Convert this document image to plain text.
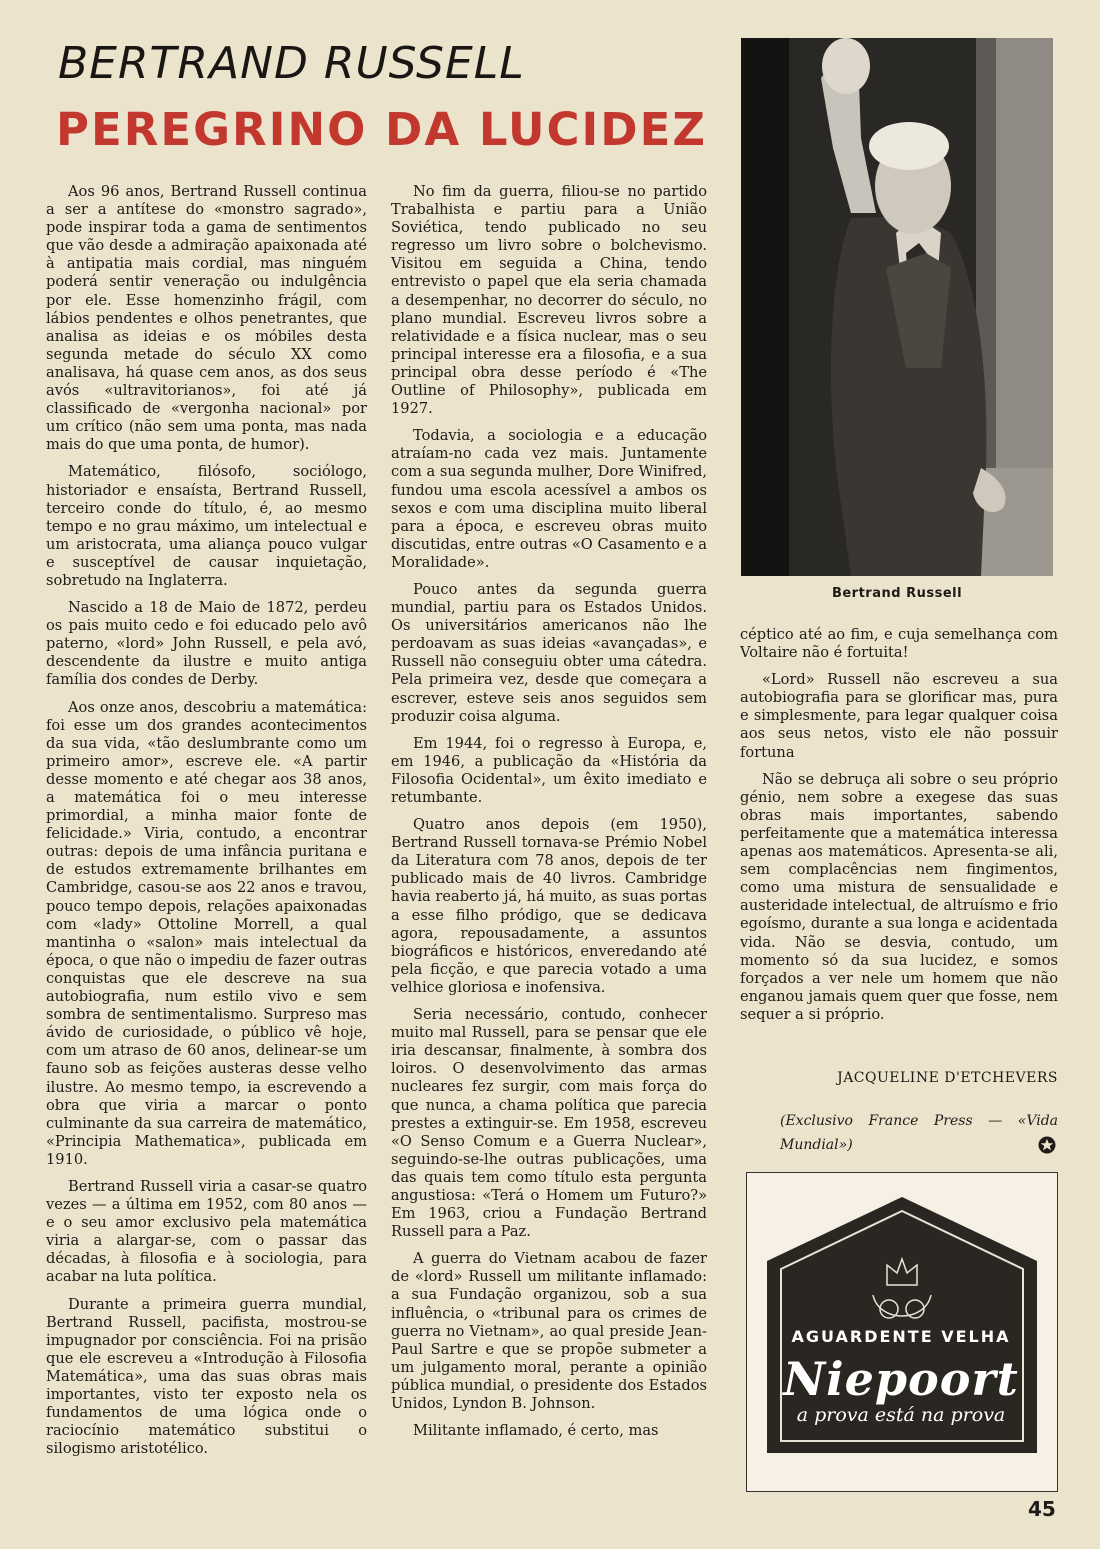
BERTRAND RUSSELL
PEREGRINO DA LUCIDEZ

Aos 96 anos, Bertrand Russell continua a ser a antítese do «monstro sagrado», pode inspirar toda a gama de sentimentos que vão desde a admiração apaixonada até à antipatia mais cordial, mas ninguém poderá sentir veneração ou indulgência por ele. Esse homenzinho frágil, com lábios pendentes e olhos penetrantes, que analisa as ideias e os móbiles desta segunda metade do século XX como analisava, há quase cem anos, as dos seus avós «ultravitorianos», foi até já classificado de «vergonha nacional» por um crítico (não sem uma ponta, mas nada mais do que uma ponta, de humor).

Matemático, filósofo, sociólogo, historiador e ensaísta, Bertrand Russell, terceiro conde do título, é, ao mesmo tempo e no grau máximo, um intelectual e um aristocrata, uma aliança pouco vulgar e susceptível de causar inquietação, sobretudo na Inglaterra.

Nascido a 18 de Maio de 1872, perdeu os pais muito cedo e foi educado pelo avô paterno, «lord» John Russell, e pela avó, descendente da ilustre e muito antiga família dos condes de Derby.

Aos onze anos, descobriu a matemática: foi esse um dos grandes acontecimentos da sua vida, «tão deslumbrante como um primeiro amor», escreve ele. «A partir desse momento e até chegar aos 38 anos, a matemática foi o meu interesse primordial, a minha maior fonte de felicidade.» Viria, contudo, a encontrar outras: depois de uma infância puritana e de estudos extremamente brilhantes em Cambridge, casou-se aos 22 anos e travou, pouco tempo depois, relações apaixonadas com «lady» Ottoline Morrell, a qual mantinha o «salon» mais intelectual da época, o que não o impediu de fazer outras conquistas que ele descreve na sua autobiografia, num estilo vivo e sem sombra de sentimentalismo. Surpreso mas ávido de curiosidade, o público vê hoje, com um atraso de 60 anos, delinear-se um fauno sob as feições austeras desse velho ilustre. Ao mesmo tempo, ia escrevendo a obra que viria a marcar o ponto culminante da sua carreira de matemático, «Principia Mathematica», publicada em 1910.

Bertrand Russell viria a casar-se quatro vezes — a última em 1952, com 80 anos — e o seu amor exclusivo pela matemática viria a alargar-se, com o passar das décadas, à filosofia e à sociologia, para acabar na luta política.

Durante a primeira guerra mundial, Bertrand Russell, pacifista, mostrou-se impugnador por consciência. Foi na prisão que ele escreveu a «Introdução à Filosofia Matemática», uma das suas obras mais importantes, visto ter exposto nela os fundamentos de uma lógica onde o raciocínio matemático substitui o silogismo aristotélico.

No fim da guerra, filiou-se no partido Trabalhista e partiu para a União Soviética, tendo publicado no seu regresso um livro sobre o bolchevismo. Visitou em seguida a China, tendo entrevisto o papel que ela seria chamada a desempenhar, no decorrer do século, no plano mundial. Escreveu livros sobre a relatividade e a física nuclear, mas o seu principal interesse era a filosofia, e a sua principal obra desse período é «The Outline of Philosophy», publicada em 1927.

Todavia, a sociologia e a educação atraíam-no cada vez mais. Juntamente com a sua segunda mulher, Dore Winifred, fundou uma escola acessível a ambos os sexos e com uma disciplina muito liberal para a época, e escreveu obras muito discutidas, entre outras «O Casamento e a Moralidade».

Pouco antes da segunda guerra mundial, partiu para os Estados Unidos. Os universitários americanos não lhe perdoavam as suas ideias «avançadas», e Russell não conseguiu obter uma cátedra. Pela primeira vez, desde que começara a escrever, esteve seis anos seguidos sem produzir coisa alguma.

Em 1944, foi o regresso à Europa, e, em 1946, a publicação da «História da Filosofia Ocidental», um êxito imediato e retumbante.

Quatro anos depois (em 1950), Bertrand Russell tornava-se Prémio Nobel da Literatura com 78 anos, depois de ter publicado mais de 40 livros. Cambridge havia reaberto já, há muito, as suas portas a esse filho pródigo, que se dedicava agora, repousadamente, a assuntos biográficos e históricos, enveredando até pela ficção, e que parecia votado a uma velhice gloriosa e inofensiva.

Seria necessário, contudo, conhecer muito mal Russell, para se pensar que ele iria descansar, finalmente, à sombra dos loiros. O desenvolvimento das armas nucleares fez surgir, com mais força do que nunca, a chama política que parecia prestes a extinguir-se. Em 1958, escreveu «O Senso Comum e a Guerra Nuclear», seguindo-se-lhe outras publicações, uma das quais tem como título esta pergunta angustiosa: «Terá o Homem um Futuro?» Em 1963, criou a Fundação Bertrand Russell para a Paz.

A guerra do Vietnam acabou de fazer de «lord» Russell um militante inflamado: a sua Fundação organizou, sob a sua influência, o «tribunal para os crimes de guerra no Vietnam», ao qual preside Jean-Paul Sartre e que se propõe submeter a um julgamento moral, perante a opinião pública mundial, o presidente dos Estados Unidos, Lyndon B. Johnson.

Militante inflamado, é certo, mas

Bertrand Russell

céptico até ao fim, e cuja semelhança com Voltaire não é fortuita!

«Lord» Russell não escreveu a sua autobiografia para se glorificar mas, pura e simplesmente, para legar qualquer coisa aos seus netos, visto ele não possuir fortuna

Não se debruça ali sobre o seu próprio génio, nem sobre a exegese das suas obras mais importantes, sabendo perfeitamente que a matemática interessa apenas aos matemáticos. Apresenta-se ali, sem complacências nem fingimentos, como uma mistura de sensualidade e austeridade intelectual, de altruísmo e frio egoísmo, durante a sua longa e acidentada vida. Não se desvia, contudo, um momento só da sua lucidez, e somos forçados a ver nele um homem que não enganou jamais quem quer que fosse, nem sequer a si próprio.

JACQUELINE D'ETCHEVERS
(Exclusivo France Press — «Vida Mundial»)
AGUARDENTE VELHA
Niepoort
a prova está na prova
45
